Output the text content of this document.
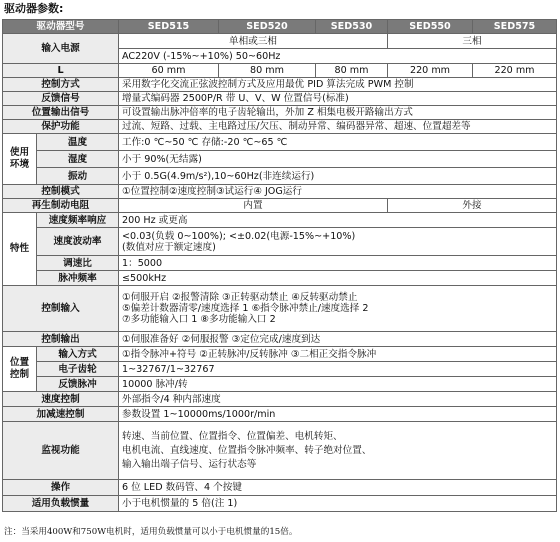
驱动器参数:
驱动器型号		SED515	SED520	SED530	SED550	SED575
输入电源		单相或三相			三相	
		AC220V (-15%~+10%) 50~60Hz				
L		60 mm	80 mm	80 mm	220 mm	220 mm
控制方式		采用数字化交流正弦波控制方式及应用最优 PID 算法完成 PWM 控制				
反馈信号		增量式编码器 2500P/R 带 U、V、W 位置信号(标准)				
位置输出信号		可设置输出脉冲倍率的电子齿轮输出，外加 Z 相集电极开路输出方式				
保护功能		过流、短路、过载、主电路过压/欠压、制动异常、编码器异常、超速、位置超差等				
使用环境	温度	工作:0 ℃~50 ℃ 存储:-20 ℃~65 ℃				
	湿度	小于 90%(无结露)				
	振动	小于 0.5G(4.9m/s²),10~60Hz(非连续运行)				
控制模式		①位置控制②速度控制③试运行④ JOG运行				
再生制动电阻		内置			外接	
特性	速度频率响应	200 Hz 或更高				
	速度波动率	<0.03(负载 0~100%); <±0.02(电源-15%~+10%)
(数值对应于额定速度)				

	调速比	1：5000				
	脉冲频率	≤500kHz				
控制输入		①伺服开启 ②报警清除 ③正转驱动禁止 ④反转驱动禁止
⑤偏差计数器清零/速度选择 1 ⑥指令脉冲禁止/速度选择 2
⑦多功能输入口 1 ⑧多功能输入口 2				

控制输出		①伺服准备好 ②伺服报警 ③定位完成/速度到达				
位置控制	输入方式	①指令脉冲+符号 ②正转脉冲/反转脉冲 ③二相正交指令脉冲				
	电子齿轮	1~32767/1~32767				
	反馈脉冲	10000 脉冲/转				
速度控制		外部指令/4 种内部速度				
加减速控制		参数设置 1~10000ms/1000r/min				
监视功能		转速、当前位置、位置指令、位置偏差、电机转矩、
电机电流、直线速度、位置指令脉冲频率、转子绝对位置、
输入输出端子信号、运行状态等				

操作		6 位 LED 数码管、4 个按键				
适用负载惯量		小于电机惯量的 5 倍(注 1)				
注：当采用400W和750W电机时，适用负载惯量可以小于电机惯量的15倍。
